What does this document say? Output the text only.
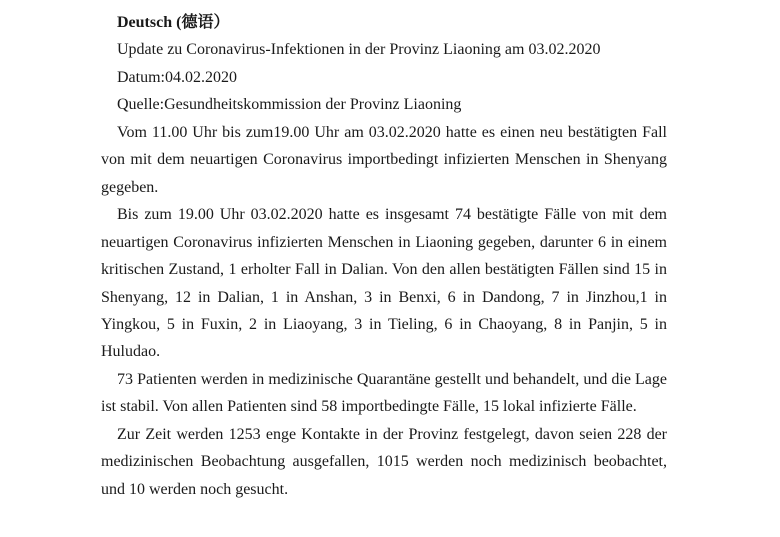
Deutsch (德语）

Update zu Coronavirus-Infektionen in der Provinz Liaoning am 03.02.2020

Datum:04.02.2020

Quelle:Gesundheitskommission der Provinz Liaoning

Vom 11.00 Uhr bis zum19.00 Uhr am 03.02.2020 hatte es einen neu bestätigten Fall von mit dem neuartigen Coronavirus importbedingt infizierten Menschen in Shenyang gegeben.

Bis zum 19.00 Uhr 03.02.2020 hatte es insgesamt 74 bestätigte Fälle von mit dem neuartigen Coronavirus infizierten Menschen in Liaoning gegeben, darunter 6 in einem kritischen Zustand, 1 erholter Fall in Dalian. Von den allen bestätigten Fällen sind 15 in Shenyang, 12 in Dalian, 1 in Anshan, 3 in Benxi, 6 in Dandong, 7 in Jinzhou,1 in Yingkou, 5 in Fuxin, 2 in Liaoyang, 3 in Tieling, 6 in Chaoyang, 8 in Panjin, 5 in Huludao.

73 Patienten werden in medizinische Quarantäne gestellt und behandelt, und die Lage ist stabil. Von allen Patienten sind 58 importbedingte Fälle, 15 lokal infizierte Fälle.

Zur Zeit werden 1253 enge Kontakte in der Provinz festgelegt, davon seien 228 der medizinischen Beobachtung ausgefallen, 1015 werden noch medizinisch beobachtet, und 10 werden noch gesucht.
